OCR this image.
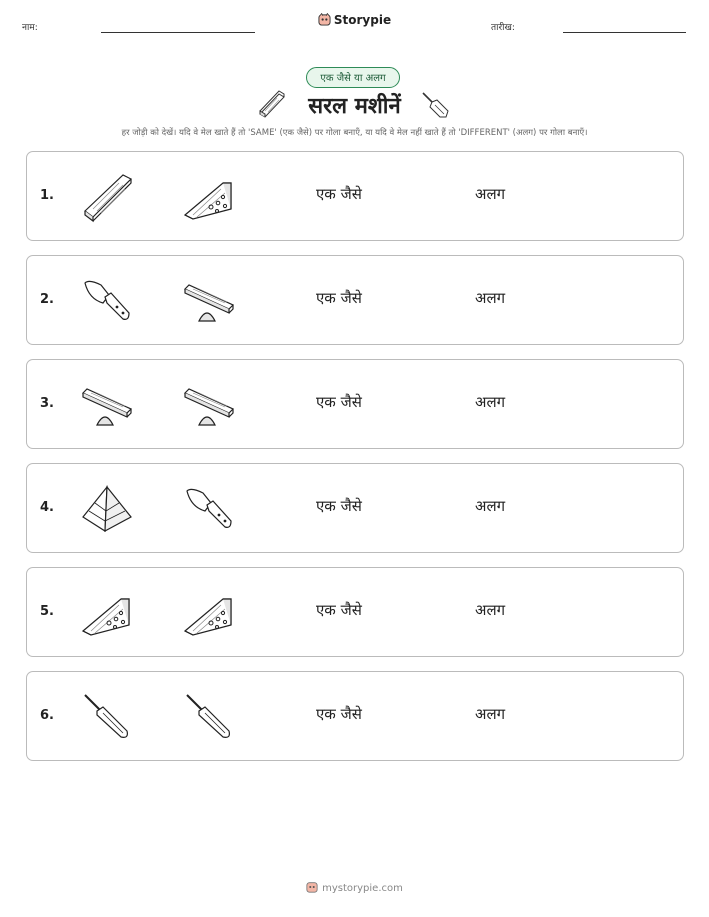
नाम:
Storypie
तारीख:
एक जैसे या अलग
सरल मशीनें
हर जोड़ी को देखें। यदि वे मेल खाते हैं तो 'SAME' (एक जैसे) पर गोला बनाएँ, या यदि वे मेल नहीं खाते हैं तो 'DIFFERENT' (अलग) पर गोला बनाएँ।
1.	एक जैसे	अलग
2.	एक जैसे	अलग
3.	एक जैसे	अलग
4.	एक जैसे	अलग
5.	एक जैसे	अलग
6.	एक जैसे	अलग
mystorypie.com
